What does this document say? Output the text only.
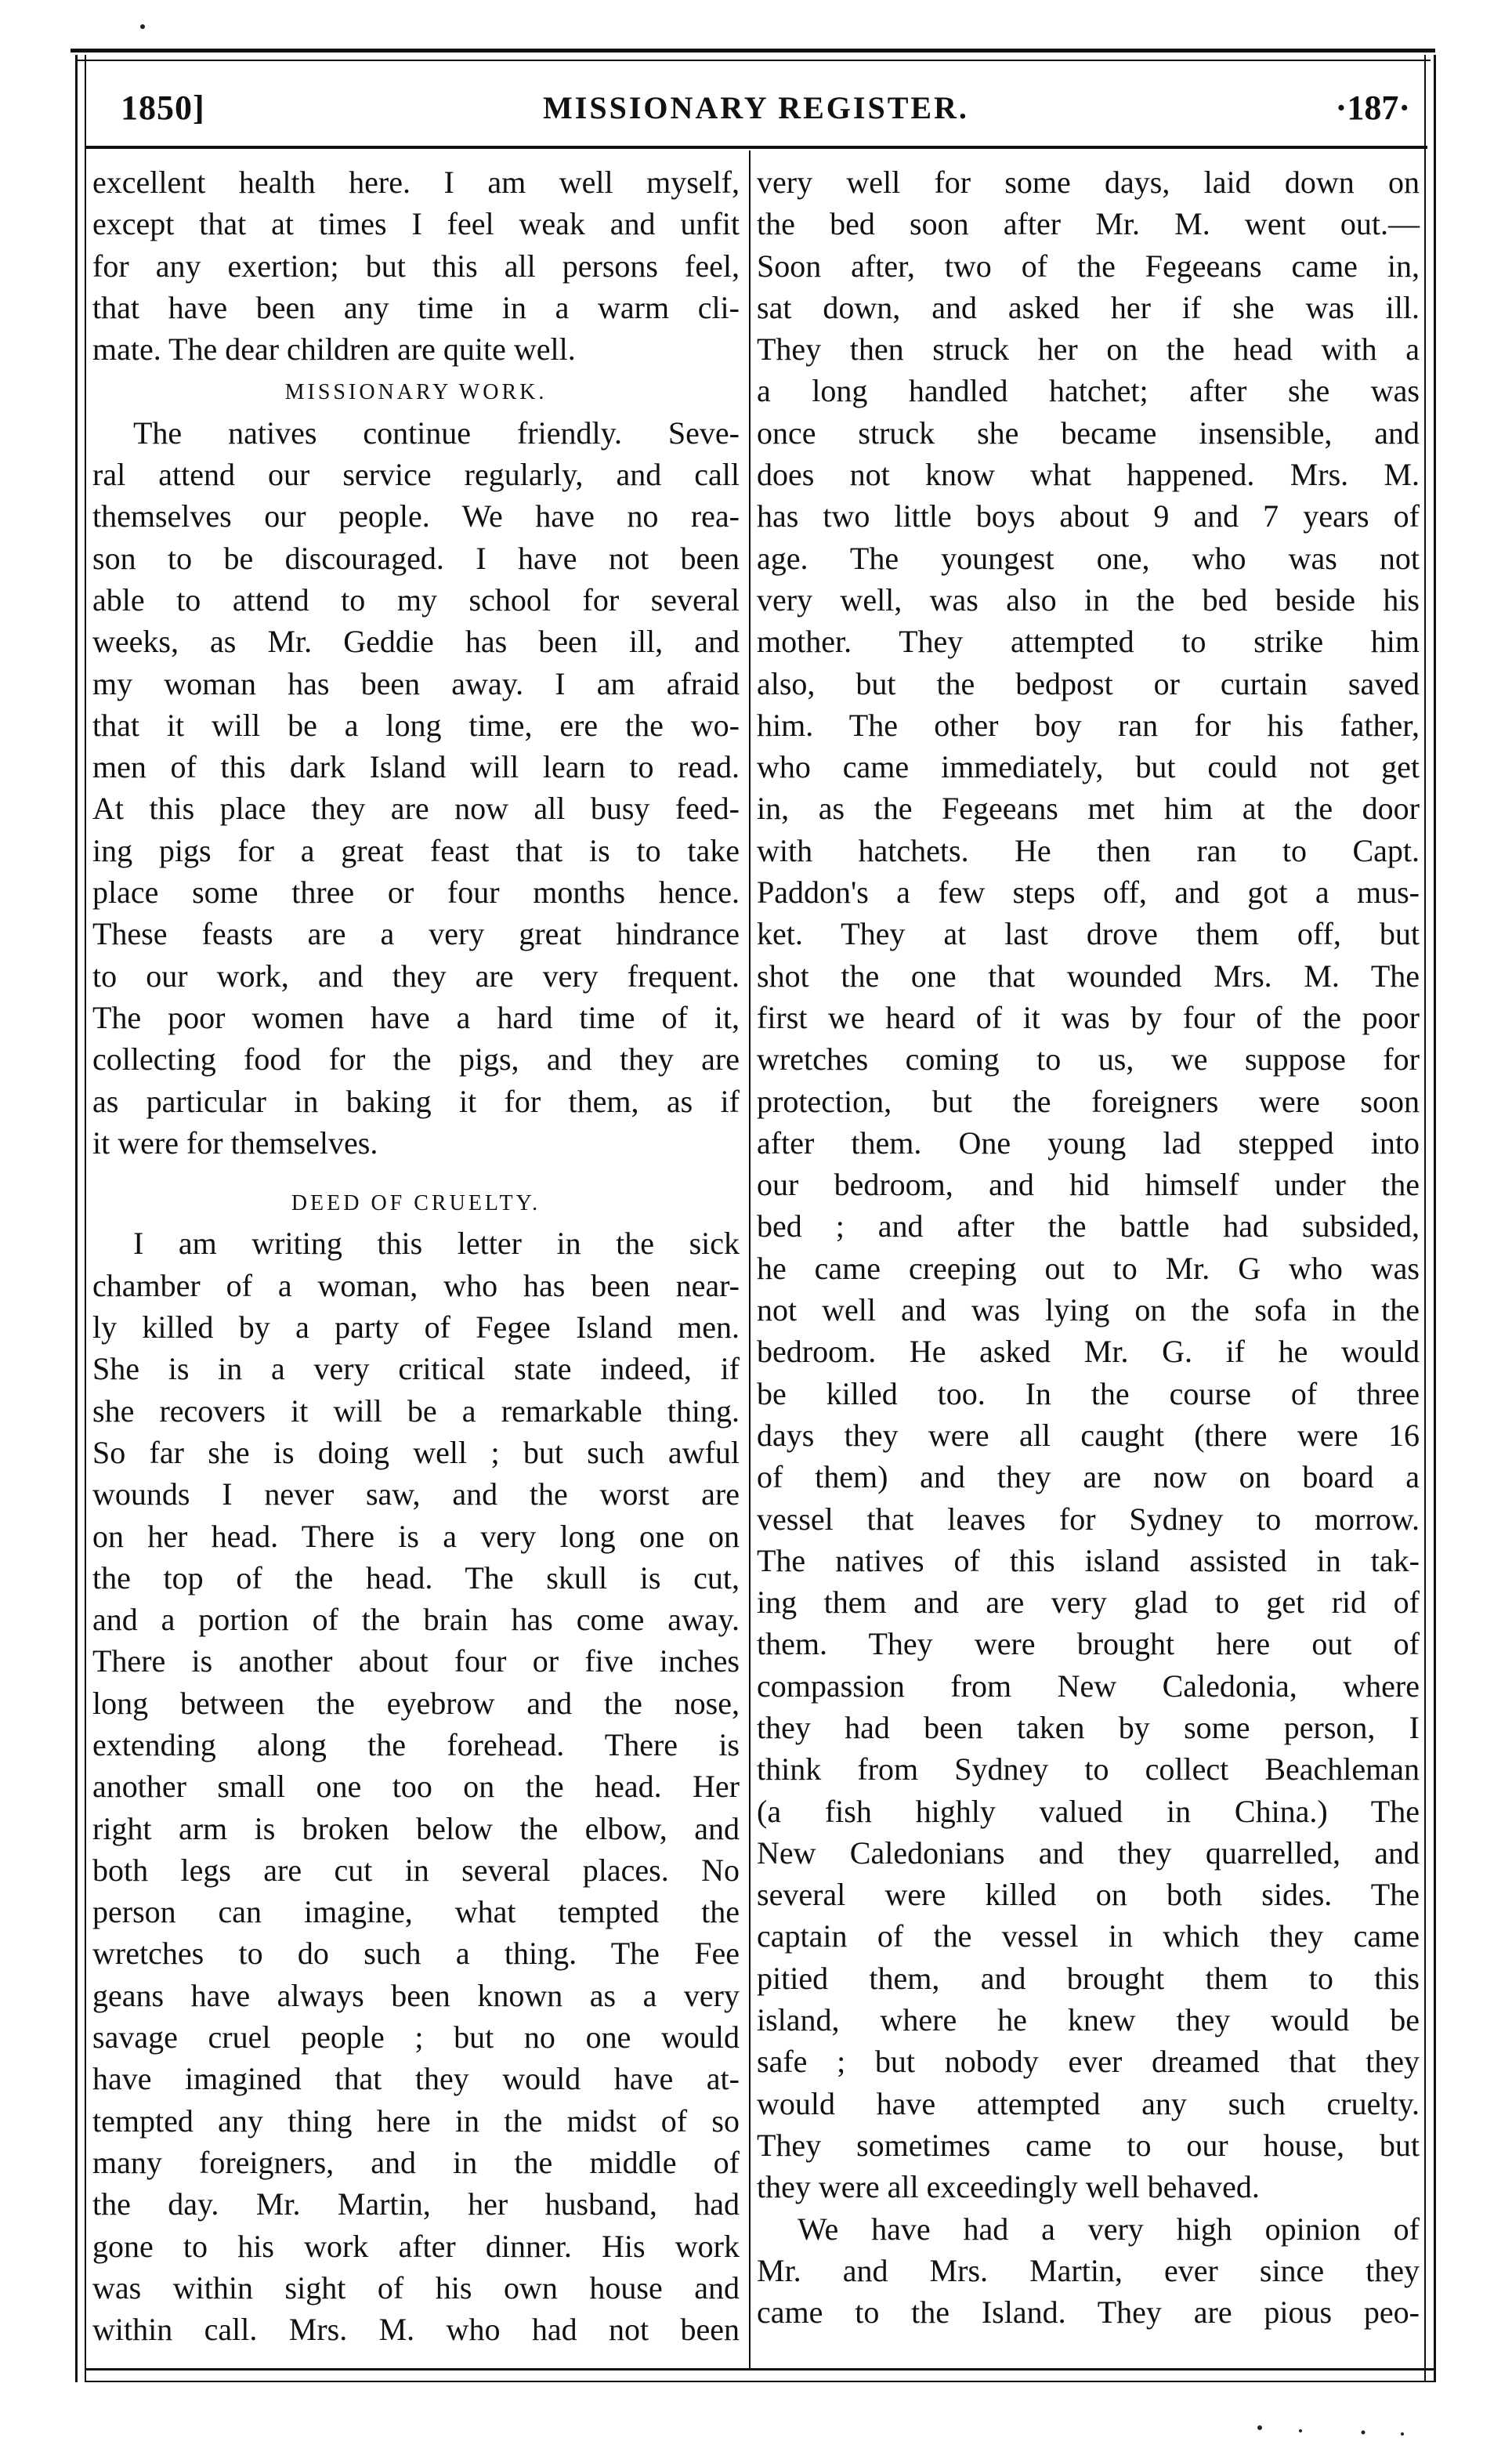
1850]	MISSIONARY REGISTER.	·187·
excellent health here. I am well myself,
except that at times I feel weak and unfit
for any exertion; but this all persons feel,
that have been any time in a warm cli-
mate. The dear children are quite well.
MISSIONARY WORK.
The natives continue friendly. Seve-
ral attend our service regularly, and call
themselves our people. We have no rea-
son to be discouraged. I have not been
able to attend to my school for several
weeks, as Mr. Geddie has been ill, and
my woman has been away. I am afraid
that it will be a long time, ere the wo-
men of this dark Island will learn to read.
At this place they are now all busy feed-
ing pigs for a great feast that is to take
place some three or four months hence.
These feasts are a very great hindrance
to our work, and they are very frequent.
The poor women have a hard time of it,
collecting food for the pigs, and they are
as particular in baking it for them, as if
it were for themselves.
DEED OF CRUELTY.
I am writing this letter in the sick
chamber of a woman, who has been near-
ly killed by a party of Fegee Island men.
She is in a very critical state indeed, if
she recovers it will be a remarkable thing.
So far she is doing well ; but such awful
wounds I never saw, and the worst are
on her head. There is a very long one on
the top of the head. The skull is cut,
and a portion of the brain has come away.
There is another about four or five inches
long between the eyebrow and the nose,
extending along the forehead. There is
another small one too on the head. Her
right arm is broken below the elbow, and
both legs are cut in several places. No
person can imagine, what tempted the
wretches to do such a thing. The Fee
geans have always been known as a very
savage cruel people ; but no one would
have imagined that they would have at-
tempted any thing here in the midst of so
many foreigners, and in the middle of
the day. Mr. Martin, her husband, had
gone to his work after dinner. His work
was within sight of his own house and
within call. Mrs. M. who had not been
very well for some days, laid down on
the bed soon after Mr. M. went out.—
Soon after, two of the Fegeeans came in,
sat down, and asked her if she was ill.
They then struck her on the head with a
a long handled hatchet; after she was
once struck she became insensible, and
does not know what happened. Mrs. M.
has two little boys about 9 and 7 years of
age. The youngest one, who was not
very well, was also in the bed beside his
mother. They attempted to strike him
also, but the bedpost or curtain saved
him. The other boy ran for his father,
who came immediately, but could not get
in, as the Fegeeans met him at the door
with hatchets. He then ran to Capt.
Paddon's a few steps off, and got a mus-
ket. They at last drove them off, but
shot the one that wounded Mrs. M. The
first we heard of it was by four of the poor
wretches coming to us, we suppose for
protection, but the foreigners were soon
after them. One young lad stepped into
our bedroom, and hid himself under the
bed ; and after the battle had subsided,
he came creeping out to Mr. G who was
not well and was lying on the sofa in the
bedroom. He asked Mr. G. if he would
be killed too. In the course of three
days they were all caught (there were 16
of them) and they are now on board a
vessel that leaves for Sydney to morrow.
The natives of this island assisted in tak-
ing them and are very glad to get rid of
them. They were brought here out of
compassion from New Caledonia, where
they had been taken by some person, I
think from Sydney to collect Beachleman
(a fish highly valued in China.) The
New Caledonians and they quarrelled, and
several were killed on both sides. The
captain of the vessel in which they came
pitied them, and brought them to this
island, where he knew they would be
safe ; but nobody ever dreamed that they
would have attempted any such cruelty.
They sometimes came to our house, but
they were all exceedingly well behaved.
We have had a very high opinion of
Mr. and Mrs. Martin, ever since they
came to the Island. They are pious peo-
